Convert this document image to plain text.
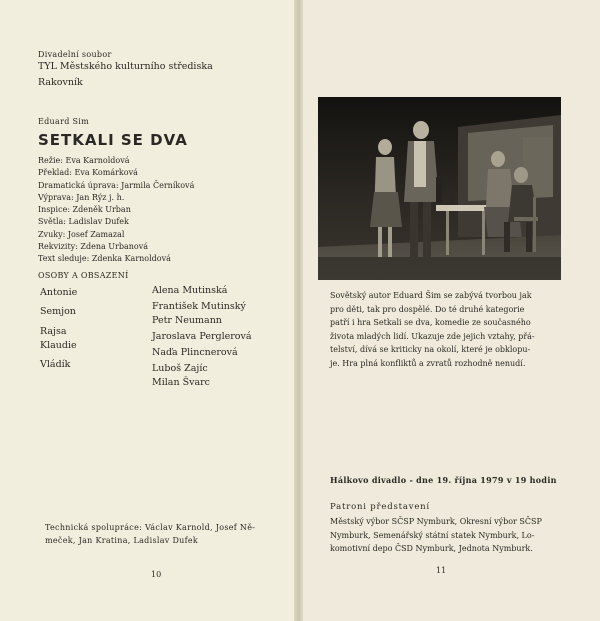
Divadelní soubor
TYL Městského kulturního střediska
Rakovník
Eduard Sim
SETKALI SE DVA
Režie: Eva Karnoldová
Překlad: Eva Komárková
Dramatická úprava: Jarmila Černíková
Výprava: Jan Rýz j. h.
Inspice: Zdeněk Urban
Světla: Ladislav Dufek
Zvuky: Josef Zamazal
Rekvizity: Zdena Urbanová
Text sleduje: Zdenka Karnoldová
OSOBY A OBSAZENÍ
Antonie
Semjon
Rajsa
Klaudie
Vládík
Alena Mutinská
František Mutinský
Petr Neumann
Jaroslava Perglerová
Naďa Plincnerová
Luboš Zajíc
Milan Švarc
Technická spolupráce: Václav Karnold, Josef Ně-
meček, Jan Kratina, Ladislav Dufek
10
Sovětský autor Eduard Šim se zabývá tvorbou jak
pro děti, tak pro dospělé. Do té druhé kategorie
patří i hra Setkali se dva, komedie ze současného
života mladých lidí. Ukazuje zde jejich vztahy, přá-
telství, dívá se kriticky na okolí, které je obklopu-
je. Hra plná konfliktů a zvratů rozhodně nenudí.
Hálkovo divadlo - dne 19. října 1979 v 19 hodin
Patroni představení
Městský výbor SČSP Nymburk, Okresní výbor SČSP
Nymburk, Semenářský státní statek Nymburk, Lo-
komotivní depo ČSD Nymburk, Jednota Nymburk.
11
